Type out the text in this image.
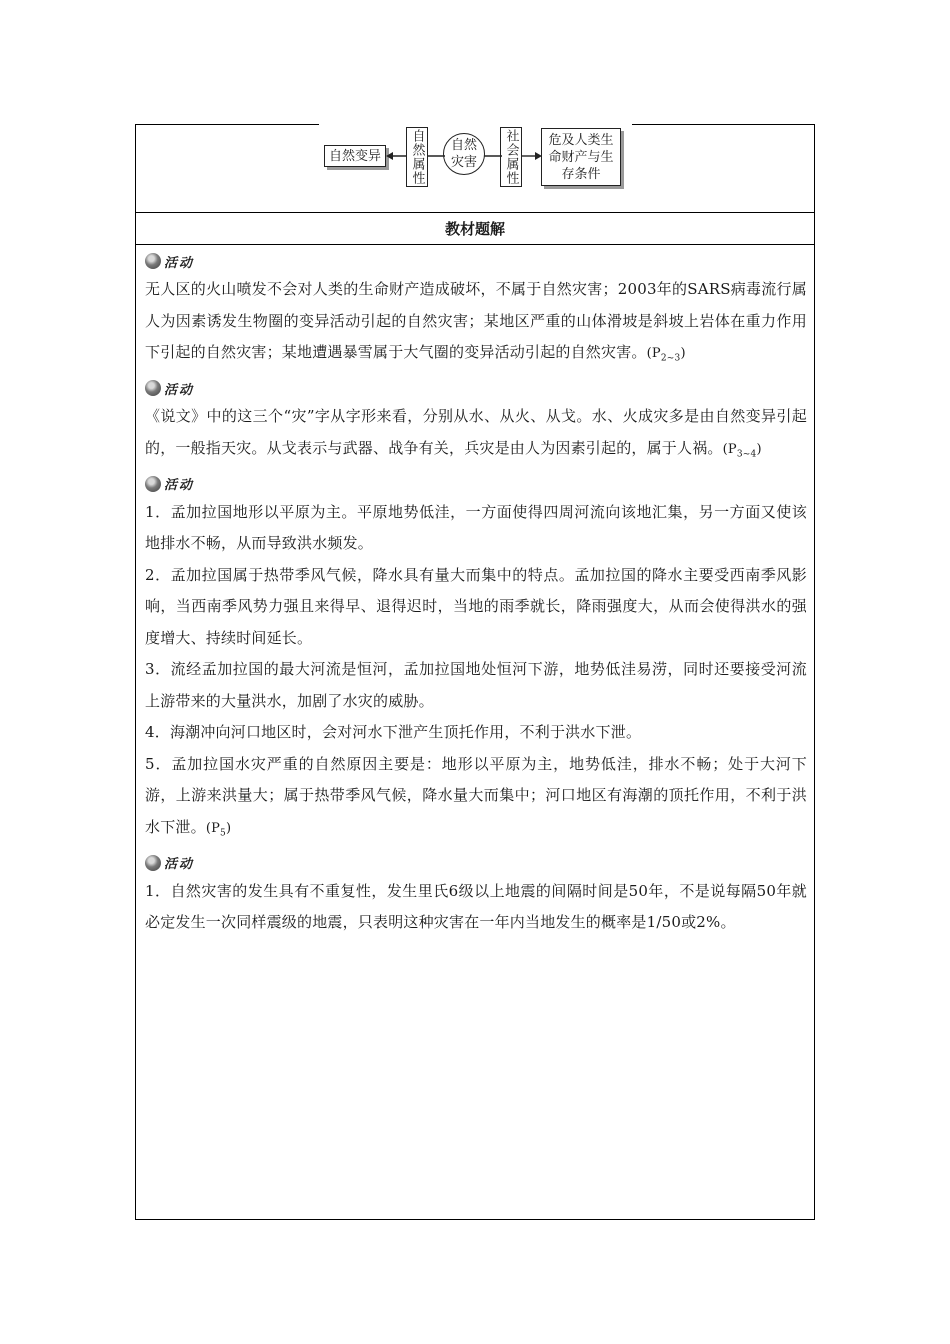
自然变异	自然属性	自然灾害	社会属性	危及人类生命财产与生存条件
教材题解
活动
无人区的火山喷发不会对人类的生命财产造成破坏，不属于自然灾害；2003年的SARS病毒流行属人为因素诱发生物圈的变异活动引起的自然灾害；某地区严重的山体滑坡是斜坡上岩体在重力作用下引起的自然灾害；某地遭遇暴雪属于大气圈的变异活动引起的自然灾害。$(P_{2\sim 3})$
活动
《说文》中的这三个“灾”字从字形来看，分别从水、从火、从戈。水、火成灾多是由自然变异引起的，一般指天灾。从戈表示与武器、战争有关，兵灾是由人为因素引起的，属于人祸。$(P_{3\sim 4})$
活动
1．孟加拉国地形以平原为主。平原地势低洼，一方面使得四周河流向该地汇集，另一方面又使该地排水不畅，从而导致洪水频发。
2．孟加拉国属于热带季风气候，降水具有量大而集中的特点。孟加拉国的降水主要受西南季风影响，当西南季风势力强且来得早、退得迟时，当地的雨季就长，降雨强度大，从而会使得洪水的强度增大、持续时间延长。
3．流经孟加拉国的最大河流是恒河，孟加拉国地处恒河下游，地势低洼易涝，同时还要接受河流上游带来的大量洪水，加剧了水灾的威胁。
4．海潮冲向河口地区时，会对河水下泄产生顶托作用，不利于洪水下泄。
5．孟加拉国水灾严重的自然原因主要是：地形以平原为主，地势低洼，排水不畅；处于大河下游，上游来洪量大；属于热带季风气候，降水量大而集中；河口地区有海潮的顶托作用，不利于洪水下泄。$(P_5)$
活动
1．自然灾害的发生具有不重复性，发生里氏6级以上地震的间隔时间是50年，不是说每隔50年就必定发生一次同样震级的地震，只表明这种灾害在一年内当地发生的概率是1/50或2%。
